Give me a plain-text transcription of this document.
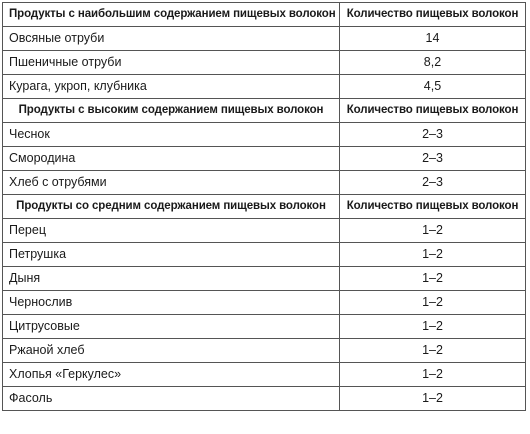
Продукты с наибольшим содержанием пищевых волокон	Количество пищевых волокон
Овсяные отруби	14
Пшеничные отруби	8,2
Курага, укроп, клубника	4,5
Продукты с высоким содержанием пищевых волокон	Количество пищевых волокон
Чеснок	2–3
Смородина	2–3
Хлеб с отрубями	2–3
Продукты со средним содержанием пищевых волокон	Количество пищевых волокон
Перец	1–2
Петрушка	1–2
Дыня	1–2
Чернослив	1–2
Цитрусовые	1–2
Ржаной хлеб	1–2
Хлопья «Геркулес»	1–2
Фасоль	1–2
